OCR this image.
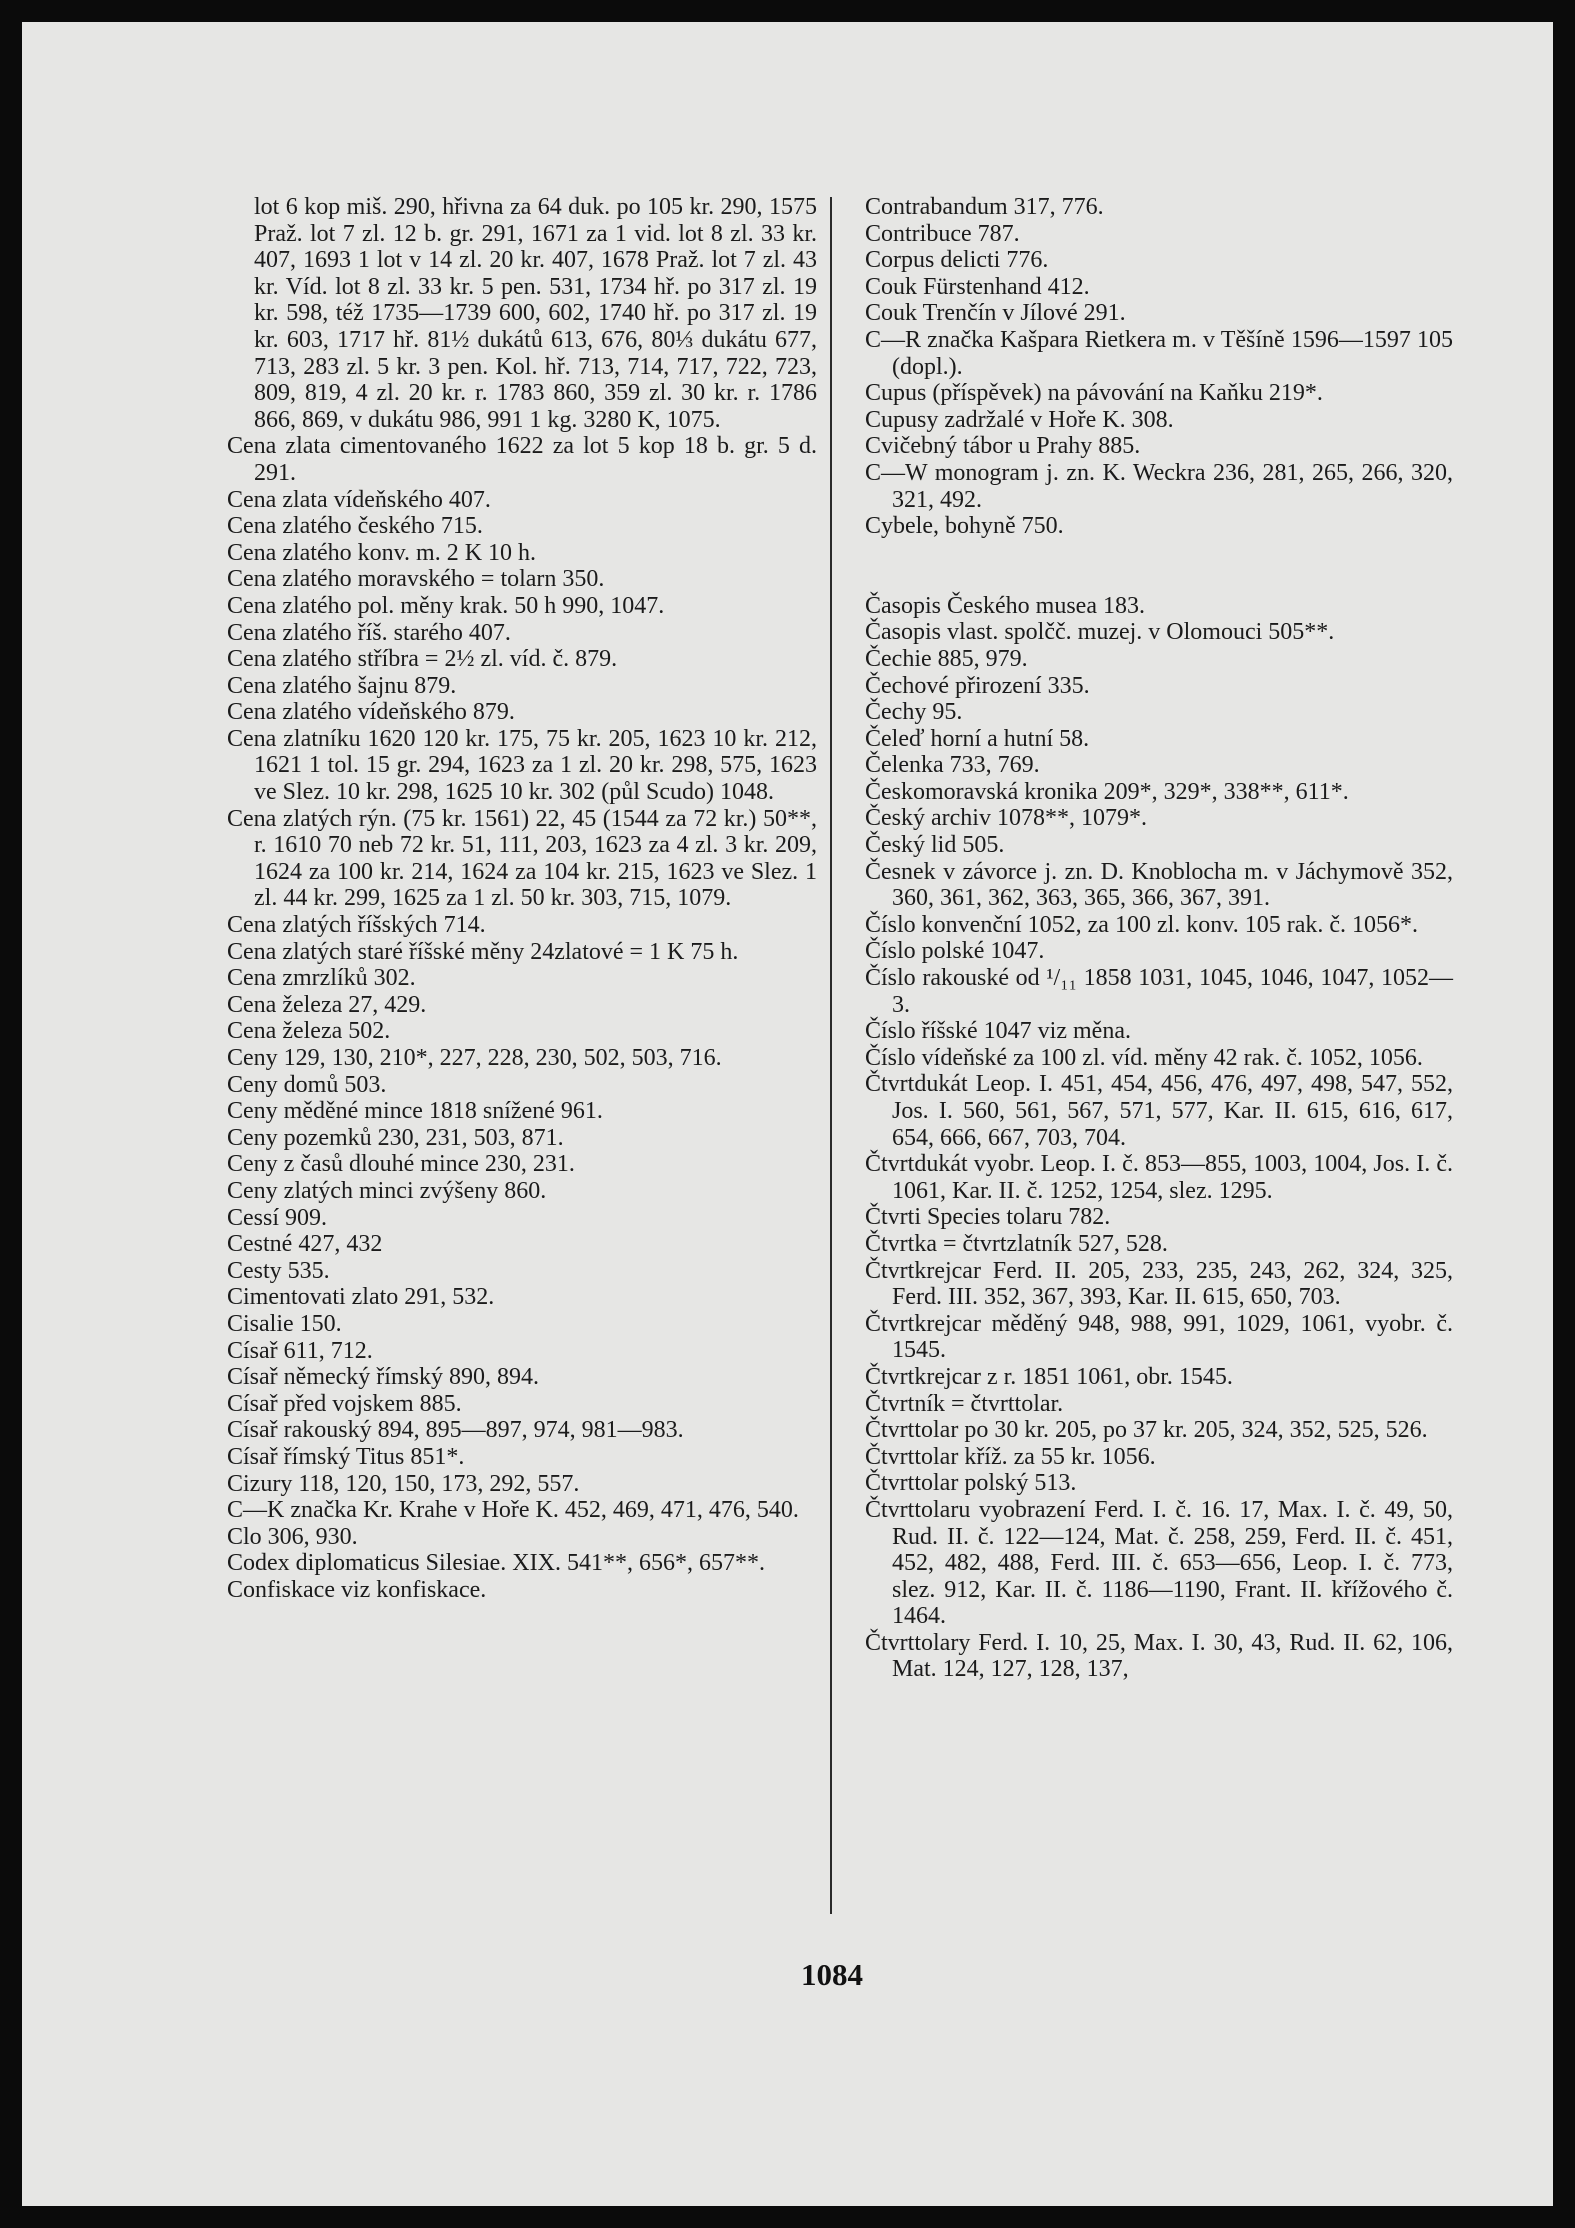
lot 6 kop miš. 290, hřivna za 64 duk. po 105 kr. 290, 1575 Praž. lot 7 zl. 12 b. gr. 291, 1671 za 1 vid. lot 8 zl. 33 kr. 407, 1693 1 lot v 14 zl. 20 kr. 407, 1678 Praž. lot 7 zl. 43 kr. Víd. lot 8 zl. 33 kr. 5 pen. 531, 1734 hř. po 317 zl. 19 kr. 598, též 1735—1739 600, 602, 1740 hř. po 317 zl. 19 kr. 603, 1717 hř. 81½ dukátů 613, 676, 80⅓ dukátu 677, 713, 283 zl. 5 kr. 3 pen. Kol. hř. 713, 714, 717, 722, 723, 809, 819, 4 zl. 20 kr. r. 1783 860, 359 zl. 30 kr. r. 1786 866, 869, v dukátu 986, 991 1 kg. 3280 K, 1075.
Cena zlata cimentovaného 1622 za lot 5 kop 18 b. gr. 5 d. 291.
Cena zlata vídeňského 407.
Cena zlatého českého 715.
Cena zlatého konv. m. 2 K 10 h.
Cena zlatého moravského = tolarn 350.
Cena zlatého pol. měny krak. 50 h 990, 1047.
Cena zlatého říš. starého 407.
Cena zlatého stříbra = 2½ zl. víd. č. 879.
Cena zlatého šajnu 879.
Cena zlatého vídeňského 879.
Cena zlatníku 1620 120 kr. 175, 75 kr. 205, 1623 10 kr. 212, 1621 1 tol. 15 gr. 294, 1623 za 1 zl. 20 kr. 298, 575, 1623 ve Slez. 10 kr. 298, 1625 10 kr. 302 (půl Scudo) 1048.
Cena zlatých rýn. (75 kr. 1561) 22, 45 (1544 za 72 kr.) 50**, r. 1610 70 neb 72 kr. 51, 111, 203, 1623 za 4 zl. 3 kr. 209, 1624 za 100 kr. 214, 1624 za 104 kr. 215, 1623 ve Slez. 1 zl. 44 kr. 299, 1625 za 1 zl. 50 kr. 303, 715, 1079.
Cena zlatých říšských 714.
Cena zlatých staré říšské měny 24zlatové = 1 K 75 h.
Cena zmrzlíků 302.
Cena železa 27, 429.
Cena železa 502.
Ceny 129, 130, 210*, 227, 228, 230, 502, 503, 716.
Ceny domů 503.
Ceny měděné mince 1818 snížené 961.
Ceny pozemků 230, 231, 503, 871.
Ceny z časů dlouhé mince 230, 231.
Ceny zlatých minci zvýšeny 860.
Cessí 909.
Cestné 427, 432
Cesty 535.
Cimentovati zlato 291, 532.
Cisalie 150.
Císař 611, 712.
Císař německý římský 890, 894.
Císař před vojskem 885.
Císař rakouský 894, 895—897, 974, 981—983.
Císař římský Titus 851*.
Cizury 118, 120, 150, 173, 292, 557.
C—K značka Kr. Krahe v Hoře K. 452, 469, 471, 476, 540.
Clo 306, 930.
Codex diplomaticus Silesiae. XIX. 541**, 656*, 657**.
Confiskace viz konfiskace.
Contrabandum 317, 776.
Contribuce 787.
Corpus delicti 776.
Couk Fürstenhand 412.
Couk Trenčín v Jílové 291.
C—R značka Kašpara Rietkera m. v Těšíně 1596—1597 105 (dopl.).
Cupus (příspěvek) na pávování na Kaňku 219*.
Cupusy zadržalé v Hoře K. 308.
Cvičebný tábor u Prahy 885.
C—W monogram j. zn. K. Weckra 236, 281, 265, 266, 320, 321, 492.
Cybele, bohyně 750.
Časopis Českého musea 183.
Časopis vlast. spolčč. muzej. v Olomouci 505**.
Čechie 885, 979.
Čechové přirození 335.
Čechy 95.
Čeleď horní a hutní 58.
Čelenka 733, 769.
Českomoravská kronika 209*, 329*, 338**, 611*.
Český archiv 1078**, 1079*.
Český lid 505.
Česnek v závorce j. zn. D. Knoblocha m. v Jáchymově 352, 360, 361, 362, 363, 365, 366, 367, 391.
Číslo konvenční 1052, za 100 zl. konv. 105 rak. č. 1056*.
Číslo polské 1047.
Číslo rakouské od ¹/₁₁ 1858 1031, 1045, 1046, 1047, 1052—3.
Číslo říšské 1047 viz měna.
Číslo vídeňské za 100 zl. víd. měny 42 rak. č. 1052, 1056.
Čtvrtdukát Leop. I. 451, 454, 456, 476, 497, 498, 547, 552, Jos. I. 560, 561, 567, 571, 577, Kar. II. 615, 616, 617, 654, 666, 667, 703, 704.
Čtvrtdukát vyobr. Leop. I. č. 853—855, 1003, 1004, Jos. I. č. 1061, Kar. II. č. 1252, 1254, slez. 1295.
Čtvrti Species tolaru 782.
Čtvrtka = čtvrtzlatník 527, 528.
Čtvrtkrejcar Ferd. II. 205, 233, 235, 243, 262, 324, 325, Ferd. III. 352, 367, 393, Kar. II. 615, 650, 703.
Čtvrtkrejcar měděný 948, 988, 991, 1029, 1061, vyobr. č. 1545.
Čtvrtkrejcar z r. 1851 1061, obr. 1545.
Čtvrtník = čtvrttolar.
Čtvrttolar po 30 kr. 205, po 37 kr. 205, 324, 352, 525, 526.
Čtvrttolar kříž. za 55 kr. 1056.
Čtvrttolar polský 513.
Čtvrttolaru vyobrazení Ferd. I. č. 16. 17, Max. I. č. 49, 50, Rud. II. č. 122—124, Mat. č. 258, 259, Ferd. II. č. 451, 452, 482, 488, Ferd. III. č. 653—656, Leop. I. č. 773, slez. 912, Kar. II. č. 1186—1190, Frant. II. křížového č. 1464.
Čtvrttolary Ferd. I. 10, 25, Max. I. 30, 43, Rud. II. 62, 106, Mat. 124, 127, 128, 137,
1084
